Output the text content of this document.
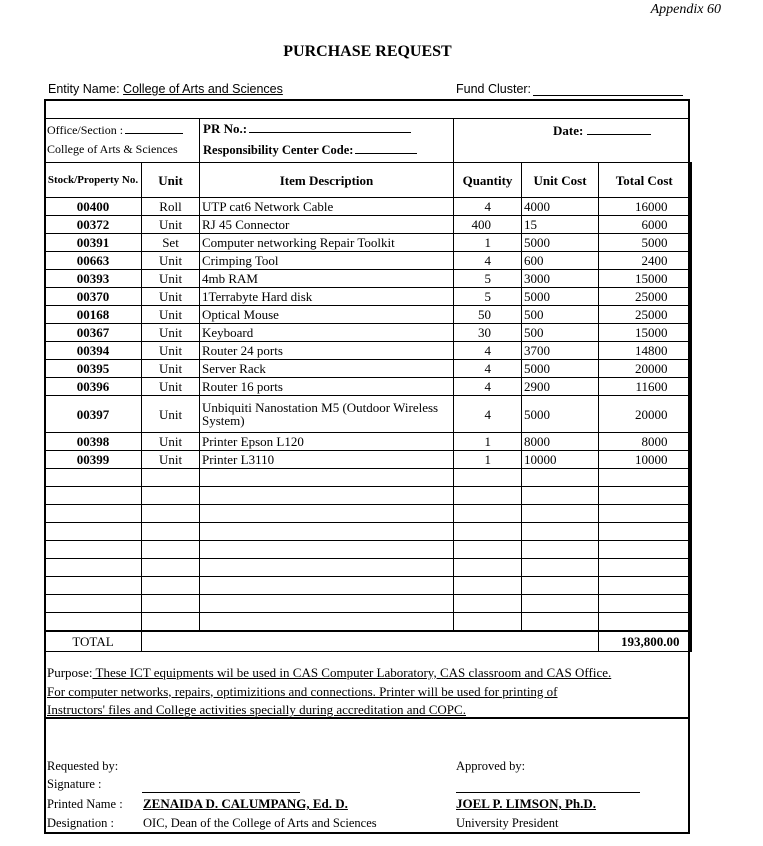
Appendix 60
PURCHASE REQUEST
Entity Name: College of Arts and Sciences	Fund Cluster:
Office/Section :
College of Arts & Sciences
PR No.:
Responsibility Center Code:
Date:
Stock/Property No.	Unit	Item Description	Quantity	Unit Cost	Total Cost
00400	Roll	UTP cat6 Network Cable	4	4000	16000
00372	Unit	RJ 45 Connector	400	15	6000
00391	Set	Computer networking Repair Toolkit	1	5000	5000
00663	Unit	Crimping Tool	4	600	2400
00393	Unit	4mb RAM	5	3000	15000
00370	Unit	1Terrabyte Hard disk	5	5000	25000
00168	Unit	Optical Mouse	50	500	25000
00367	Unit	Keyboard	30	500	15000
00394	Unit	Router 24 ports	4	3700	14800
00395	Unit	Server Rack	4	5000	20000
00396	Unit	Router 16 ports	4	2900	11600
00397	Unit	Unbiquiti Nanostation M5 (Outdoor Wireless System)	4	5000	20000
00398	Unit	Printer Epson L120	1	8000	8000
00399	Unit	Printer L3110	1	10000	10000

TOTAL					193,800.00
Purpose: These ICT equipments wil be used in CAS Computer Laboratory, CAS classroom and CAS Office.
For computer networks, repairs, optimizitions and connections. Printer will be used for printing of
Instructors' files and College activities specially during accreditation and COPC.
Requested by:
Signature :
Printed Name : ZENAIDA D. CALUMPANG, Ed. D.
Designation : OIC, Dean of the College of Arts and Sciences
Approved by:
JOEL P. LIMSON, Ph.D.
University President
